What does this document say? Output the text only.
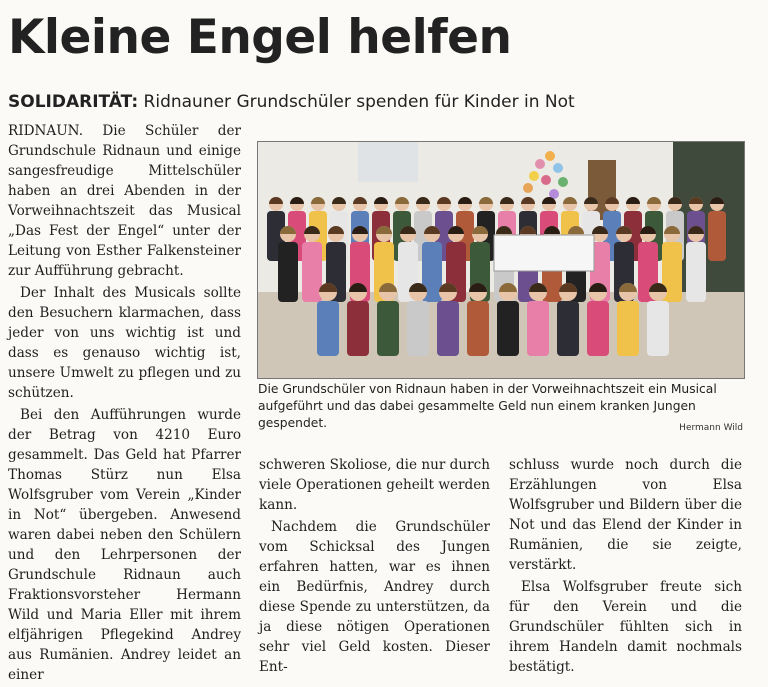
Kleine Engel helfen
SOLIDARITÄT: Ridnauner Grundschüler spenden für Kinder in Not

RIDNAUN. Die Schüler der Grundschule Ridnaun und einige sangesfreudige Mittelschüler haben an drei Abenden in der Vorweihnachtszeit das Musical „Das Fest der Engel“ unter der Leitung von Esther Falkensteiner zur Aufführung gebracht.

Der Inhalt des Musicals sollte den Besuchern klarmachen, dass jeder von uns wichtig ist und dass es genauso wichtig ist, unsere Umwelt zu pflegen und zu schützen.

Bei den Aufführungen wurde der Betrag von 4210 Euro gesammelt. Das Geld hat Pfarrer Thomas Stürz nun Elsa Wolfsgruber vom Verein „Kinder in Not“ übergeben. Anwesend waren dabei neben den Schülern und den Lehrpersonen der Grundschule Ridnaun auch Fraktionsvorsteher Hermann Wild und Maria Eller mit ihrem elfjährigen Pflegekind Andrey aus Rumänien. Andrey leidet an einer

Die Grundschüler von Ridnaun haben in der Vorweihnachtszeit ein Musical aufgeführt und das dabei gesammelte Geld nun einem kranken Jungen gespendet.	Hermann Wild

schweren Skoliose, die nur durch viele Operationen geheilt werden kann.

Nachdem die Grundschüler vom Schicksal des Jungen erfahren hatten, war es ihnen ein Bedürfnis, Andrey durch diese Spende zu unterstützen, da ja diese nötigen Operationen sehr viel Geld kosten. Dieser Ent-

schluss wurde noch durch die Erzählungen von Elsa Wolfsgruber und Bildern über die Not und das Elend der Kinder in Rumänien, die sie zeigte, verstärkt.

Elsa Wolfsgruber freute sich für den Verein und die Grundschüler fühlten sich in ihrem Handeln damit nochmals bestätigt.
